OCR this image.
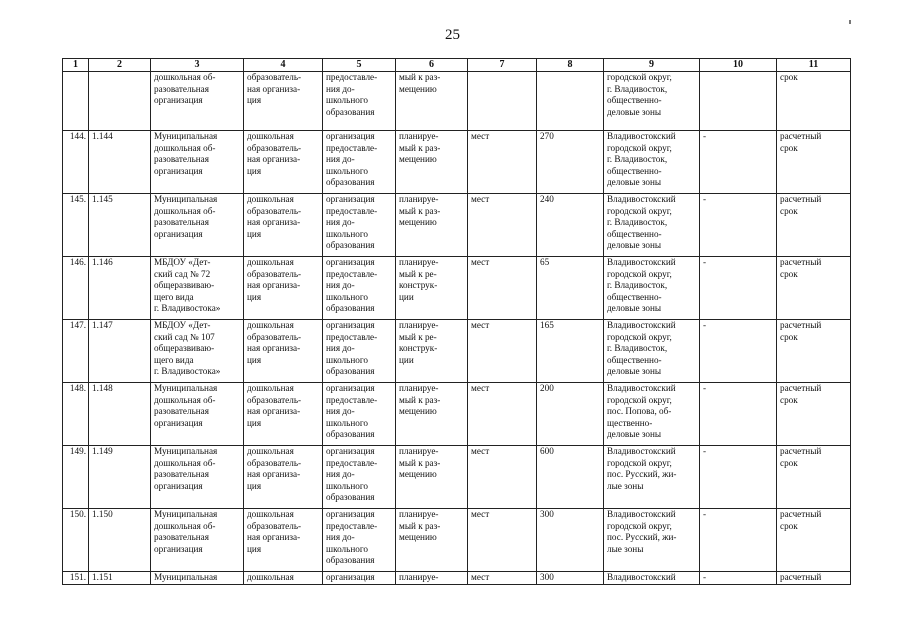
25
1	2	3	4	5	6	7	8	9	10	11
		дошкольная об-
разовательная
организация	образователь-
ная организа-
ция	предоставле-
ния до-
школьного
образования	мый к раз-
мещению			городской округ,
г. Владивосток,
общественно-
деловые зоны		срок
144.	1.144	Муниципальная
дошкольная об-
разовательная
организация	дошкольная
образователь-
ная организа-
ция	организация
предоставле-
ния до-
школьного
образования	планируе-
мый к раз-
мещению	мест	270	Владивостокский
городской округ,
г. Владивосток,
общественно-
деловые зоны	-	расчетный
срок
145.	1.145	Муниципальная
дошкольная об-
разовательная
организация	дошкольная
образователь-
ная организа-
ция	организация
предоставле-
ния до-
школьного
образования	планируе-
мый к раз-
мещению	мест	240	Владивостокский
городской округ,
г. Владивосток,
общественно-
деловые зоны	-	расчетный
срок
146.	1.146	МБДОУ «Дет-
ский сад № 72
общеразвиваю-
щего вида
г. Владивостока»	дошкольная
образователь-
ная организа-
ция	организация
предоставле-
ния до-
школьного
образования	планируе-
мый к ре-
конструк-
ции	мест	65	Владивостокский
городской округ,
г. Владивосток,
общественно-
деловые зоны	-	расчетный
срок
147.	1.147	МБДОУ «Дет-
ский сад № 107
общеразвиваю-
щего вида
г. Владивостока»	дошкольная
образователь-
ная организа-
ция	организация
предоставле-
ния до-
школьного
образования	планируе-
мый к ре-
конструк-
ции	мест	165	Владивостокский
городской округ,
г. Владивосток,
общественно-
деловые зоны	-	расчетный
срок
148.	1.148	Муниципальная
дошкольная об-
разовательная
организация	дошкольная
образователь-
ная организа-
ция	организация
предоставле-
ния до-
школьного
образования	планируе-
мый к раз-
мещению	мест	200	Владивостокский
городской округ,
пос. Попова, об-
щественно-
деловые зоны	-	расчетный
срок
149.	1.149	Муниципальная
дошкольная об-
разовательная
организация	дошкольная
образователь-
ная организа-
ция	организация
предоставле-
ния до-
школьного
образования	планируе-
мый к раз-
мещению	мест	600	Владивостокский
городской округ,
пос. Русский, жи-
лые зоны	-	расчетный
срок
150.	1.150	Муниципальная
дошкольная об-
разовательная
организация	дошкольная
образователь-
ная организа-
ция	организация
предоставле-
ния до-
школьного
образования	планируе-
мый к раз-
мещению	мест	300	Владивостокский
городской округ,
пос. Русский, жи-
лые зоны	-	расчетный
срок
151.	1.151	Муниципальная	дошкольная	организация	планируе-	мест	300	Владивостокский	-	расчетный
